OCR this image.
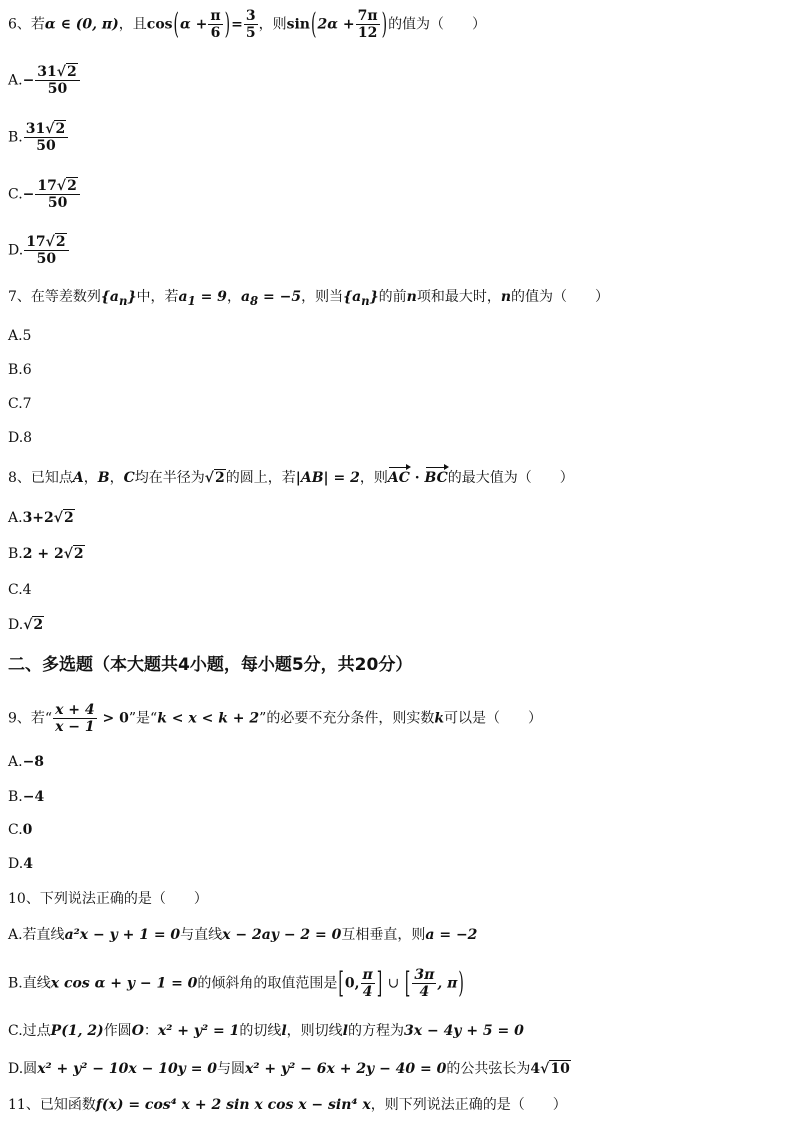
6、若α ∈ (0, π)，且$\cos(\alpha + \frac{\pi}{6}$ )= $\frac{3}{5}$ ，则$\sin(2\alpha + \frac{7\pi}{12}$ )的值为（　　）
$A.- \frac{31√2}{50}$
B. $\frac{31√2}{50}$
$C.- \frac{17√2}{50}$
D. $\frac{17√2}{50}$
7、在等差数列$\{a_n\}$中，若$a_1 = 9$，$a_8 = -5$，则当$\{a_n\}$的前n项和最大时，n的值为（　　）
A.5
B.6
C.7
D.8
8、已知点A，B，C均在半径为√2的圆上，若|AB| = 2，则AC · BC的最大值为（　　）
A.3+2√2
B.2 + 2√2
C.4
D.√2
二、多选题（本大题共4小题，每小题5分，共20分）
9、若“ $\frac{x + 4}{x - 1} > 0$”是“k < x < k + 2”的必要不充分条件，则实数k可以是（　　）
A.−8
B.−4
C.0
D.4
10、下列说法正确的是（　　）
A.若直线a²x − y + 1 = 0与直线x − 2ay − 2 = 0互相垂直，则a = −2
B.直线x cos α + y − 1 = 0的倾斜角的取值范围是[0, $\frac{\pi}{4}$ ] ∪ [ $\frac{3\pi}{4}$ , π)
C.过点P(1, 2)作圆O：x² + y² = 1的切线l，则切线l的方程为3x − 4y + 5 = 0
D.圆x² + y² − 10x − 10y = 0与圆x² + y² − 6x + 2y − 40 = 0的公共弦长为4√10
11、已知函数f(x) = cos⁴ x + 2 sin x cos x − sin⁴ x，则下列说法正确的是（　　）
